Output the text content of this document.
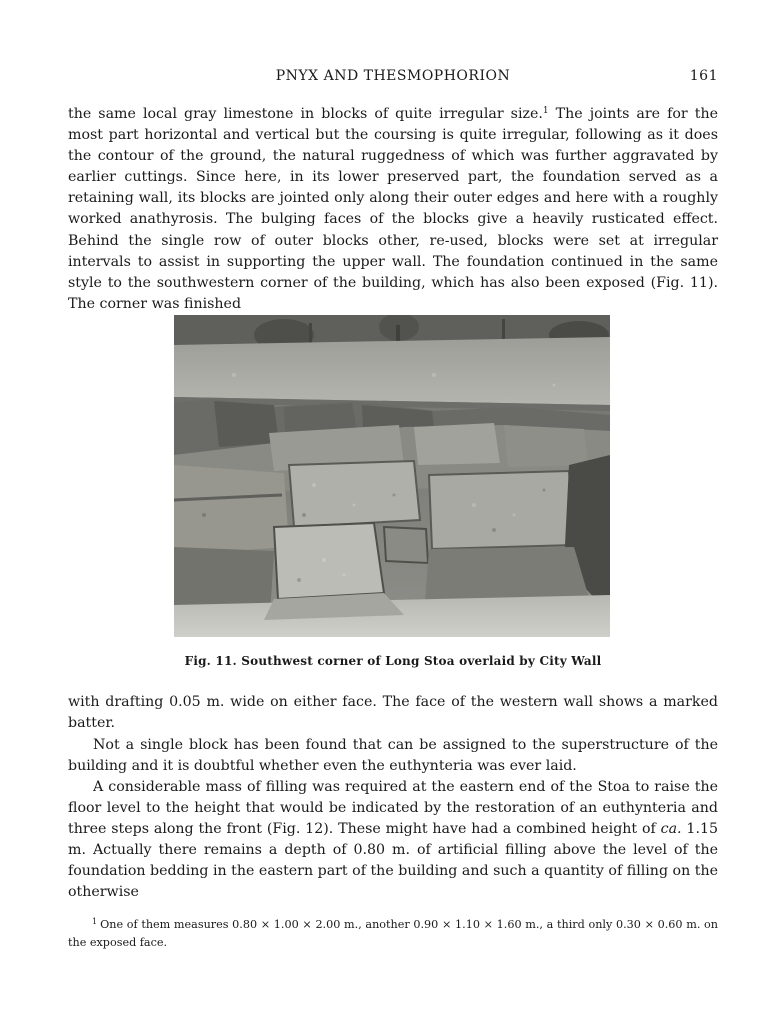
PNYX AND THESMOPHORION	161

the same local gray limestone in blocks of quite irregular size.$^1$ The joints are for the most part horizontal and vertical but the coursing is quite irregular, following as it does the contour of the ground, the natural ruggedness of which was further aggravated by earlier cuttings. Since here, in its lower preserved part, the foundation served as a retaining wall, its blocks are jointed only along their outer edges and here with a roughly worked anathyrosis. The bulging faces of the blocks give a heavily rusticated effect. Behind the single row of outer blocks other, re-used, blocks were set at irregular intervals to assist in supporting the upper wall. The foundation continued in the same style to the southwestern corner of the building, which has also been exposed (Fig. 11). The corner was finished

Fig. 11. Southwest corner of Long Stoa overlaid by City Wall

with drafting 0.05 m. wide on either face. The face of the western wall shows a marked batter.

Not a single block has been found that can be assigned to the superstructure of the building and it is doubtful whether even the euthynteria was ever laid.

A considerable mass of filling was required at the eastern end of the Stoa to raise the floor level to the height that would be indicated by the restoration of an euthynteria and three steps along the front (Fig. 12). These might have had a combined height of ca. 1.15 m. Actually there remains a depth of 0.80 m. of artificial filling above the level of the foundation bedding in the eastern part of the building and such a quantity of filling on the otherwise

$^1$ One of them measures 0.80 × 1.00 × 2.00 m., another 0.90 × 1.10 × 1.60 m., a third only 0.30 × 0.60 m. on the exposed face.
